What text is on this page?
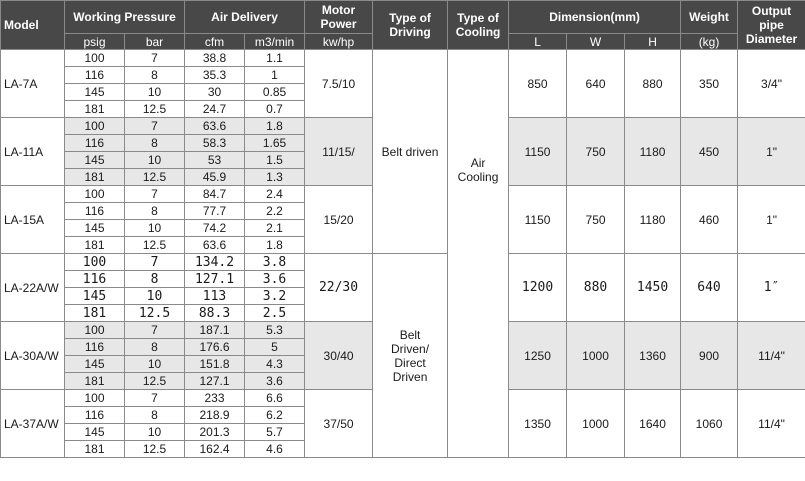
Model	Working Pressure		Air Delivery		Motor Power	Type of Driving	Type of Cooling	Dimension(mm)			Weight	Output pipe Diameter
	psig	bar	cfm	m3/min	kw/hp			L	W	H	(kg)	
LA-7A	100	7	38.8	1.1	7.5/10	Belt driven	Air Cooling	850	640	880	350	3/4"
	116	8	35.3	1								
	145	10	30	0.85								
	181	12.5	24.7	0.7								
LA-11A	100	7	63.6	1.8	11/15/			1150	750	1180	450	1"
	116	8	58.3	1.65								
	145	10	53	1.5								
	181	12.5	45.9	1.3								
LA-15A	100	7	84.7	2.4	15/20			1150	750	1180	460	1"
	116	8	77.7	2.2								
	145	10	74.2	2.1								
	181	12.5	63.6	1.8								
LA-22A/W	100	7	134.2	3.8	22/30	Belt Driven/ Direct Driven		1200	880	1450	640	1″
	116	8	127.1	3.6								
	145	10	113	3.2								
	181	12.5	88.3	2.5								
LA-30A/W	100	7	187.1	5.3	30/40			1250	1000	1360	900	11/4"
	116	8	176.6	5								
	145	10	151.8	4.3								
	181	12.5	127.1	3.6								
LA-37A/W	100	7	233	6.6	37/50			1350	1000	1640	1060	11/4"
	116	8	218.9	6.2								
	145	10	201.3	5.7								
	181	12.5	162.4	4.6								
